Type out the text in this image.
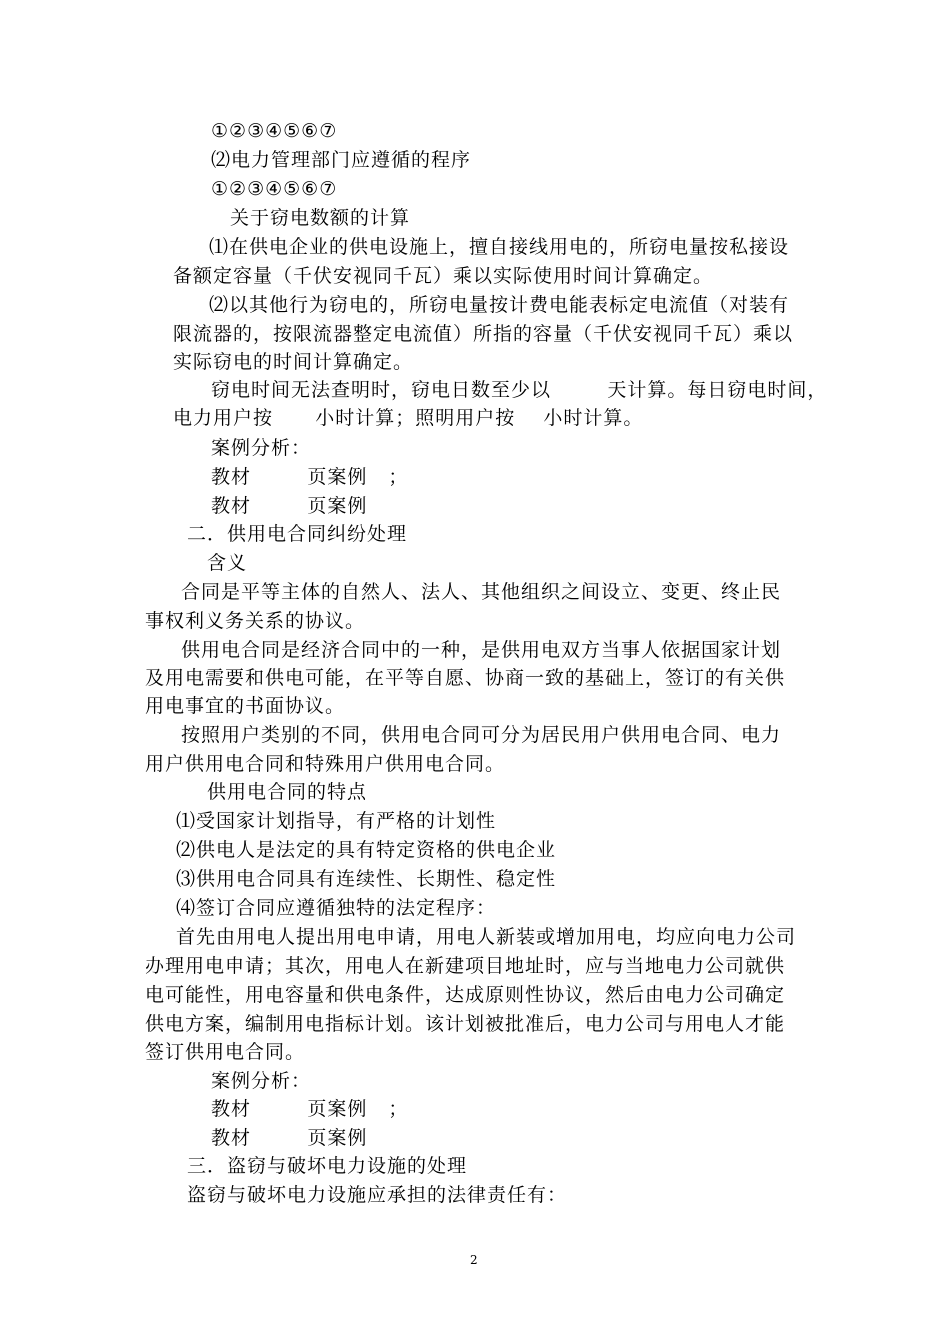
①②③④⑤⑥⑦
⑵电力管理部门应遵循的程序
①②③④⑤⑥⑦
关于窃电数额的计算
⑴在供电企业的供电设施上，擅自接线用电的，所窃电量按私接设
备额定容量（千伏安视同千瓦）乘以实际使用时间计算确定。
⑵以其他行为窃电的，所窃电量按计费电能表标定电流值（对装有
限流器的，按限流器整定电流值）所指的容量（千伏安视同千瓦）乘以
实际窃电的时间计算确定。
窃电时间无法查明时，窃电日数至少以        天计算。每日窃电时间，
电力用户按      小时计算；照明用户按    小时计算。
案例分析：
教材        页案例   ；
教材        页案例
二．供用电合同纠纷处理
含义
合同是平等主体的自然人、法人、其他组织之间设立、变更、终止民
事权利义务关系的协议。
供用电合同是经济合同中的一种，是供用电双方当事人依据国家计划
及用电需要和供电可能，在平等自愿、协商一致的基础上，签订的有关供
用电事宜的书面协议。
按照用户类别的不同，供用电合同可分为居民用户供用电合同、电力
用户供用电合同和特殊用户供用电合同。
供用电合同的特点
⑴受国家计划指导，有严格的计划性
⑵供电人是法定的具有特定资格的供电企业
⑶供用电合同具有连续性、长期性、稳定性
⑷签订合同应遵循独特的法定程序：
首先由用电人提出用电申请，用电人新装或增加用电，均应向电力公司
办理用电申请；其次，用电人在新建项目地址时，应与当地电力公司就供
电可能性，用电容量和供电条件，达成原则性协议，然后由电力公司确定
供电方案，编制用电指标计划。该计划被批准后，电力公司与用电人才能
签订供用电合同。
案例分析：
教材        页案例   ；
教材        页案例
三．盗窃与破坏电力设施的处理
盗窃与破坏电力设施应承担的法律责任有：
2
